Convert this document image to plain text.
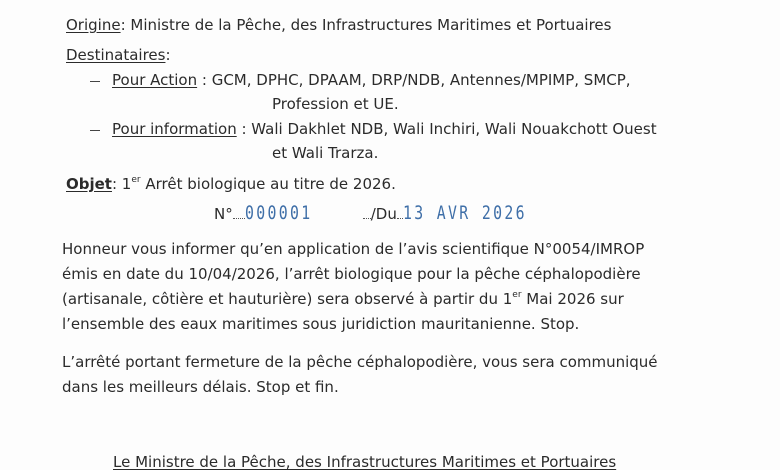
Origine: Ministre de la Pêche, des Infrastructures Maritimes et Portuaires
Destinataires:
Pour Action : GCM, DPHC, DPAAM, DRP/NDB, Antennes/MPIMP, SMCP,
Profession et UE.
Pour information : Wali Dakhlet NDB, Wali Inchiri, Wali Nouakchott Ouest
et Wali Trarza.
Objet: 1er Arrêt biologique au titre de 2026.
N° 000001	/Du 13 AVR 2026
Honneur vous informer qu’en application de l’avis scientifique N°0054/IMROP
émis en date du 10/04/2026, l’arrêt biologique pour la pêche céphalopodière
(artisanale, côtière et hauturière) sera observé à partir du 1er Mai 2026 sur
l’ensemble des eaux maritimes sous juridiction mauritanienne. Stop.
L’arrêté portant fermeture de la pêche céphalopodière, vous sera communiqué
dans les meilleurs délais. Stop et fin.
Le Ministre de la Pêche, des Infrastructures Maritimes et Portuaires
